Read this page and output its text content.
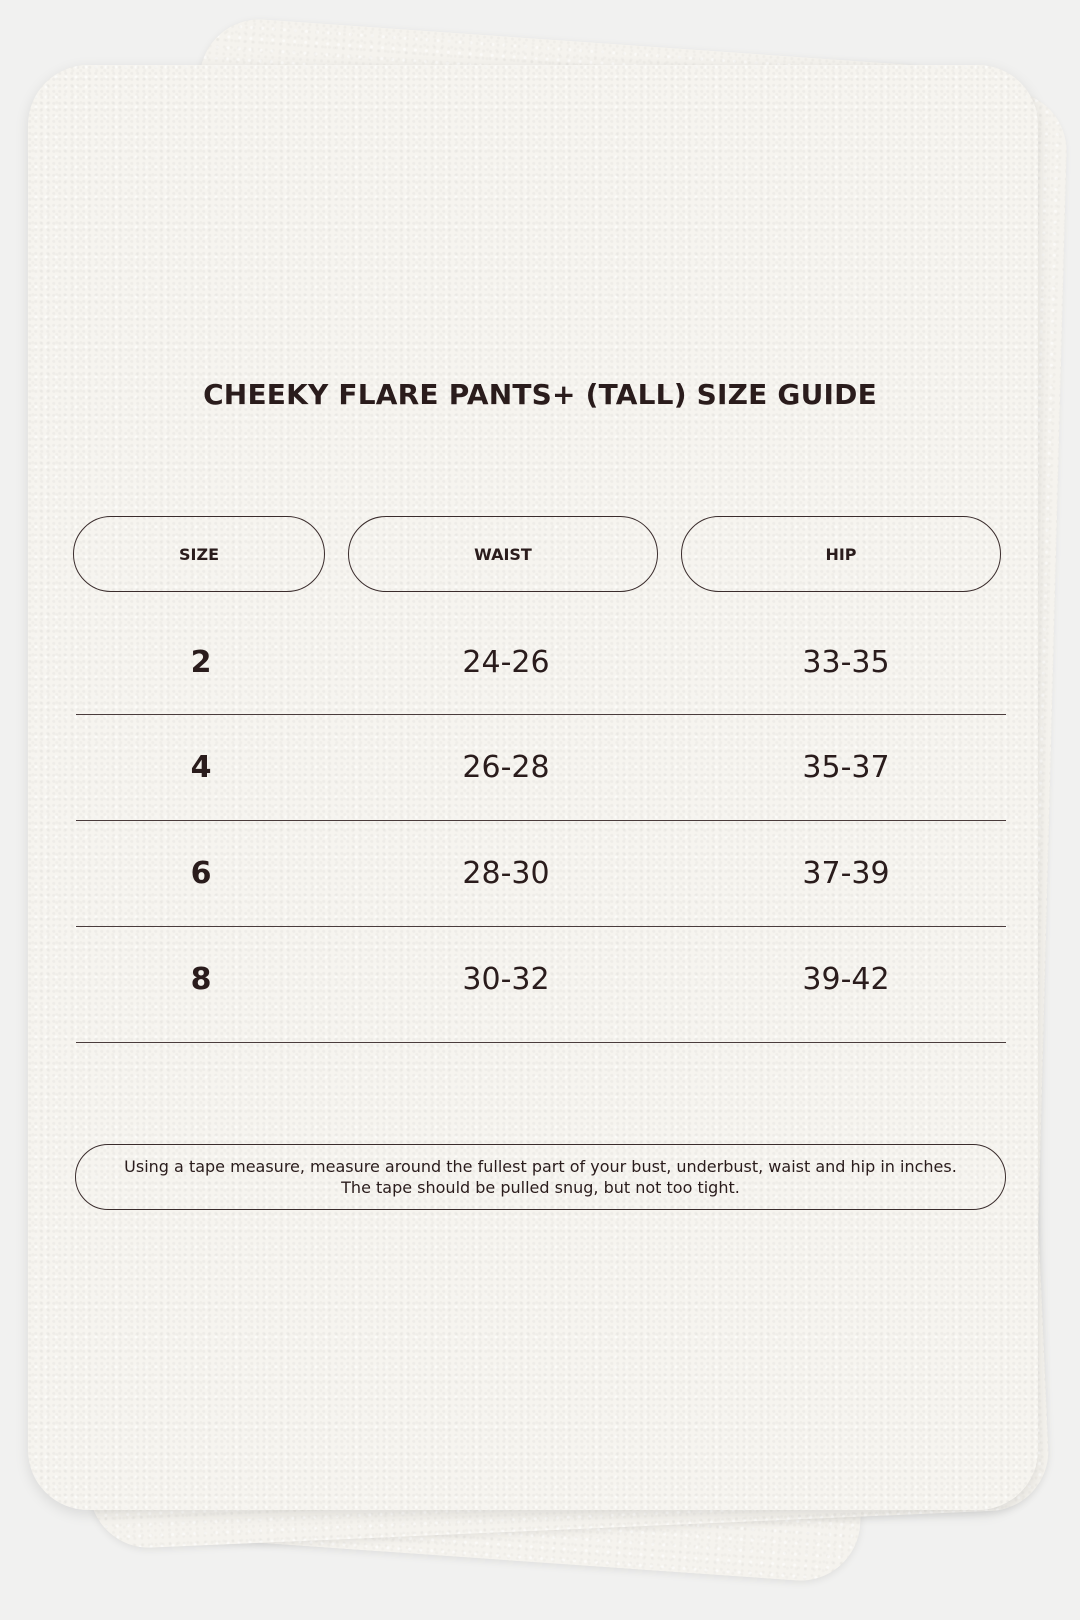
CHEEKY FLARE PANTS+ (TALL) SIZE GUIDE
SIZE	WAIST	HIP
2	24-26	33-35
4	26-28	35-37
6	28-30	37-39
8	30-32	39-42
Using a tape measure, measure around the fullest part of your bust, underbust, waist and hip in inches.
The tape should be pulled snug, but not too tight.
